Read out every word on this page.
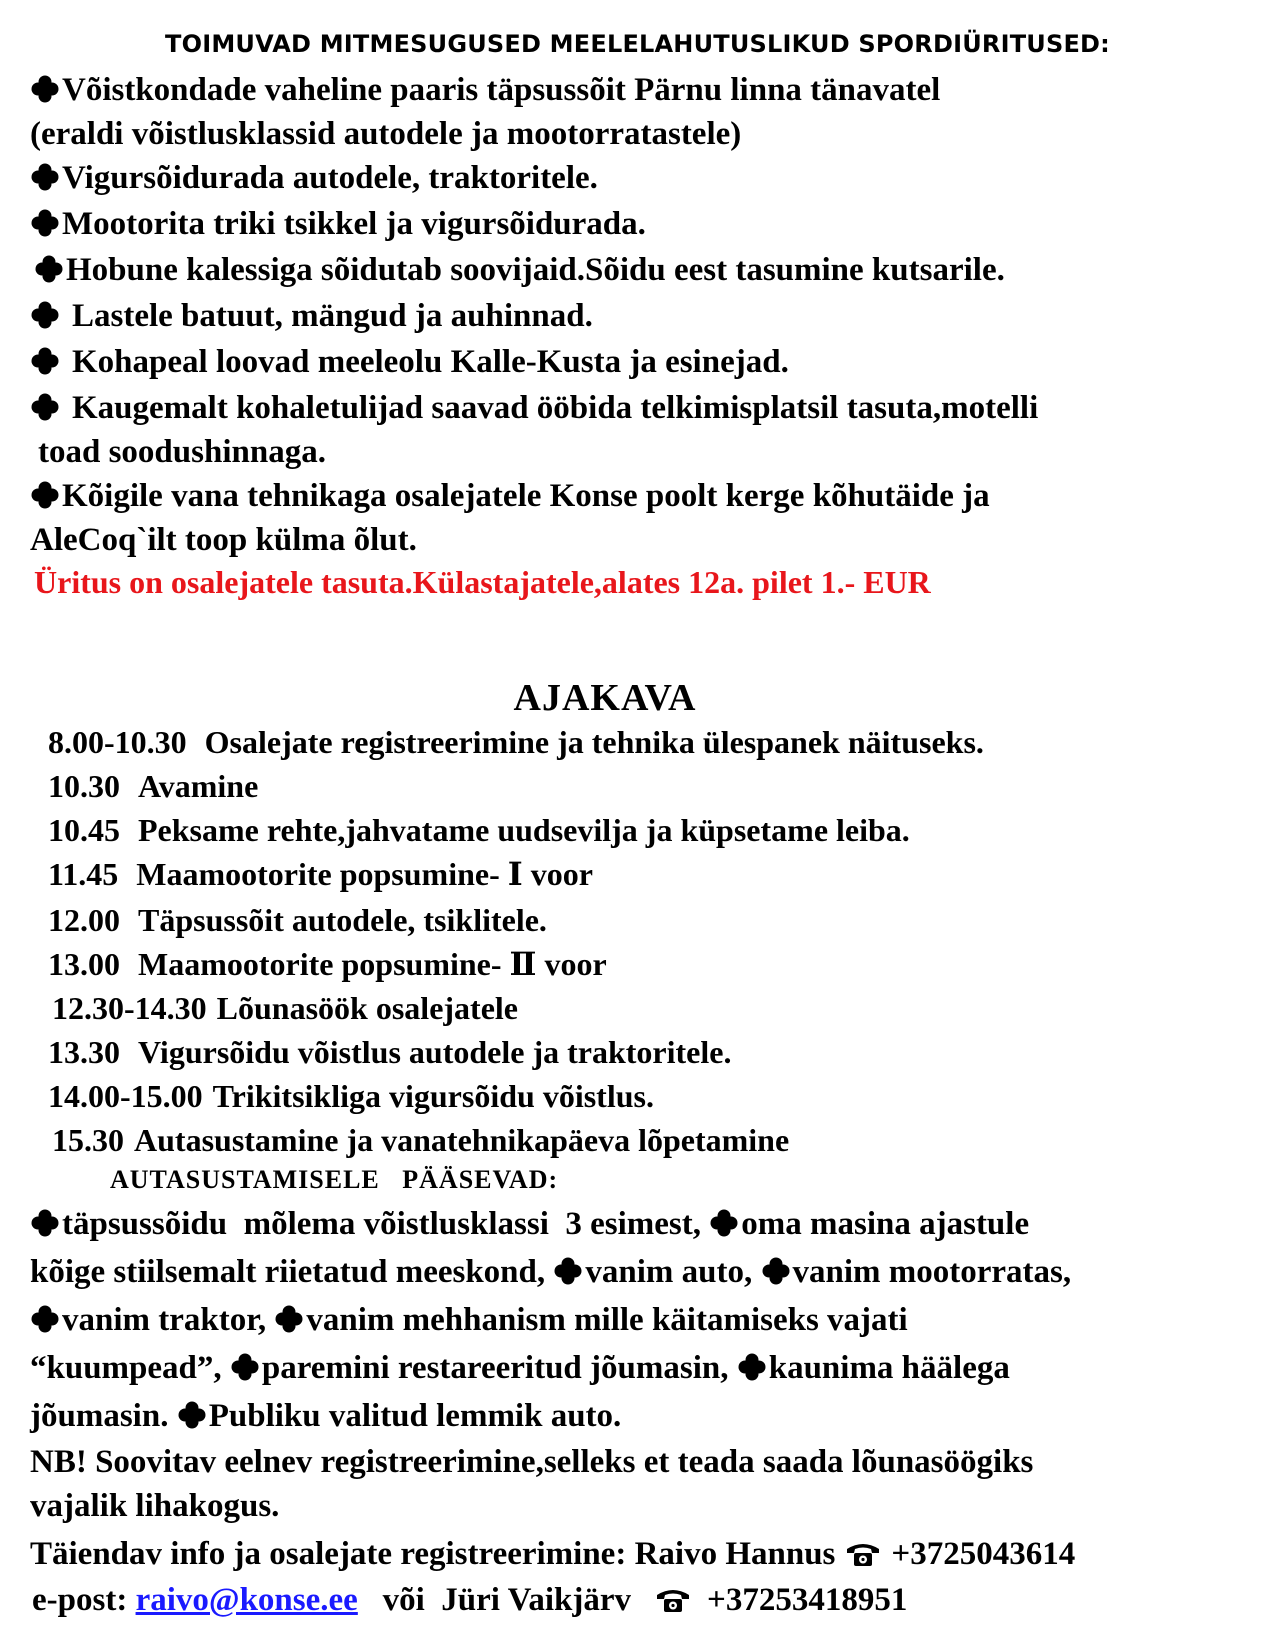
TOIMUVAD MITMESUGUSED MEELELAHUTUSLIKUD SPORDIÜRITUSED:
Võistkondade vaheline paaris täpsussõit Pärnu linna tänavatel
(eraldi võistlusklassid autodele ja mootorratastele)
Vigursõidurada autodele, traktoritele.
Mootorita triki tsikkel ja vigursõidurada.
Hobune kalessiga sõidutab soovijaid.Sõidu eest tasumine kutsarile.
Lastele batuut, mängud ja auhinnad.
Kohapeal loovad meeleolu Kalle-Kusta ja esinejad.
Kaugemalt kohaletulijad saavad ööbida telkimisplatsil tasuta,motelli
toad soodushinnaga.
Kõigile vana tehnikaga osalejatele Konse poolt kerge kõhutäide ja
AleCoq`ilt toop külma õlut.
Üritus on osalejatele tasuta.Külastajatele,alates 12a. pilet 1.- EUR
AJAKAVA
8.00-10.30 Osalejate registreerimine ja tehnika ülespanek näituseks.
10.30 Avamine
10.45 Peksame rehte,jahvatame uudsevilja ja küpsetame leiba.
11.45 Maamootorite popsumine- Ⅰ voor
12.00 Täpsussõit autodele, tsiklitele.
13.00 Maamootorite popsumine- Ⅱ voor
12.30-14.30 Lõunasöök osalejatele
13.30 Vigursõidu võistlus autodele ja traktoritele.
14.00-15.00 Trikitsikliga vigursõidu võistlus.
15.30 Autasustamine ja vanatehnikapäeva lõpetamine
AUTASUSTAMISELE   PÄÄSEVAD:
täpsussõidu  mõlema võistlusklassi  3 esimest, oma masina ajastule
kõige stiilsemalt riietatud meeskond, vanim auto, vanim mootorratas,
vanim traktor, vanim mehhanism mille käitamiseks vajati
“kuumpead”, paremini restareeritud jõumasin, kaunima häälega
jõumasin. Publiku valitud lemmik auto.
NB! Soovitav eelnev registreerimine,selleks et teada saada lõunasöögiks
vajalik lihakogus.
Täiendav info ja osalejate registreerimine: Raivo Hannus +3725043614
e-post: raivo@konse.ee või  Jüri Vaikjärv +37253418951
